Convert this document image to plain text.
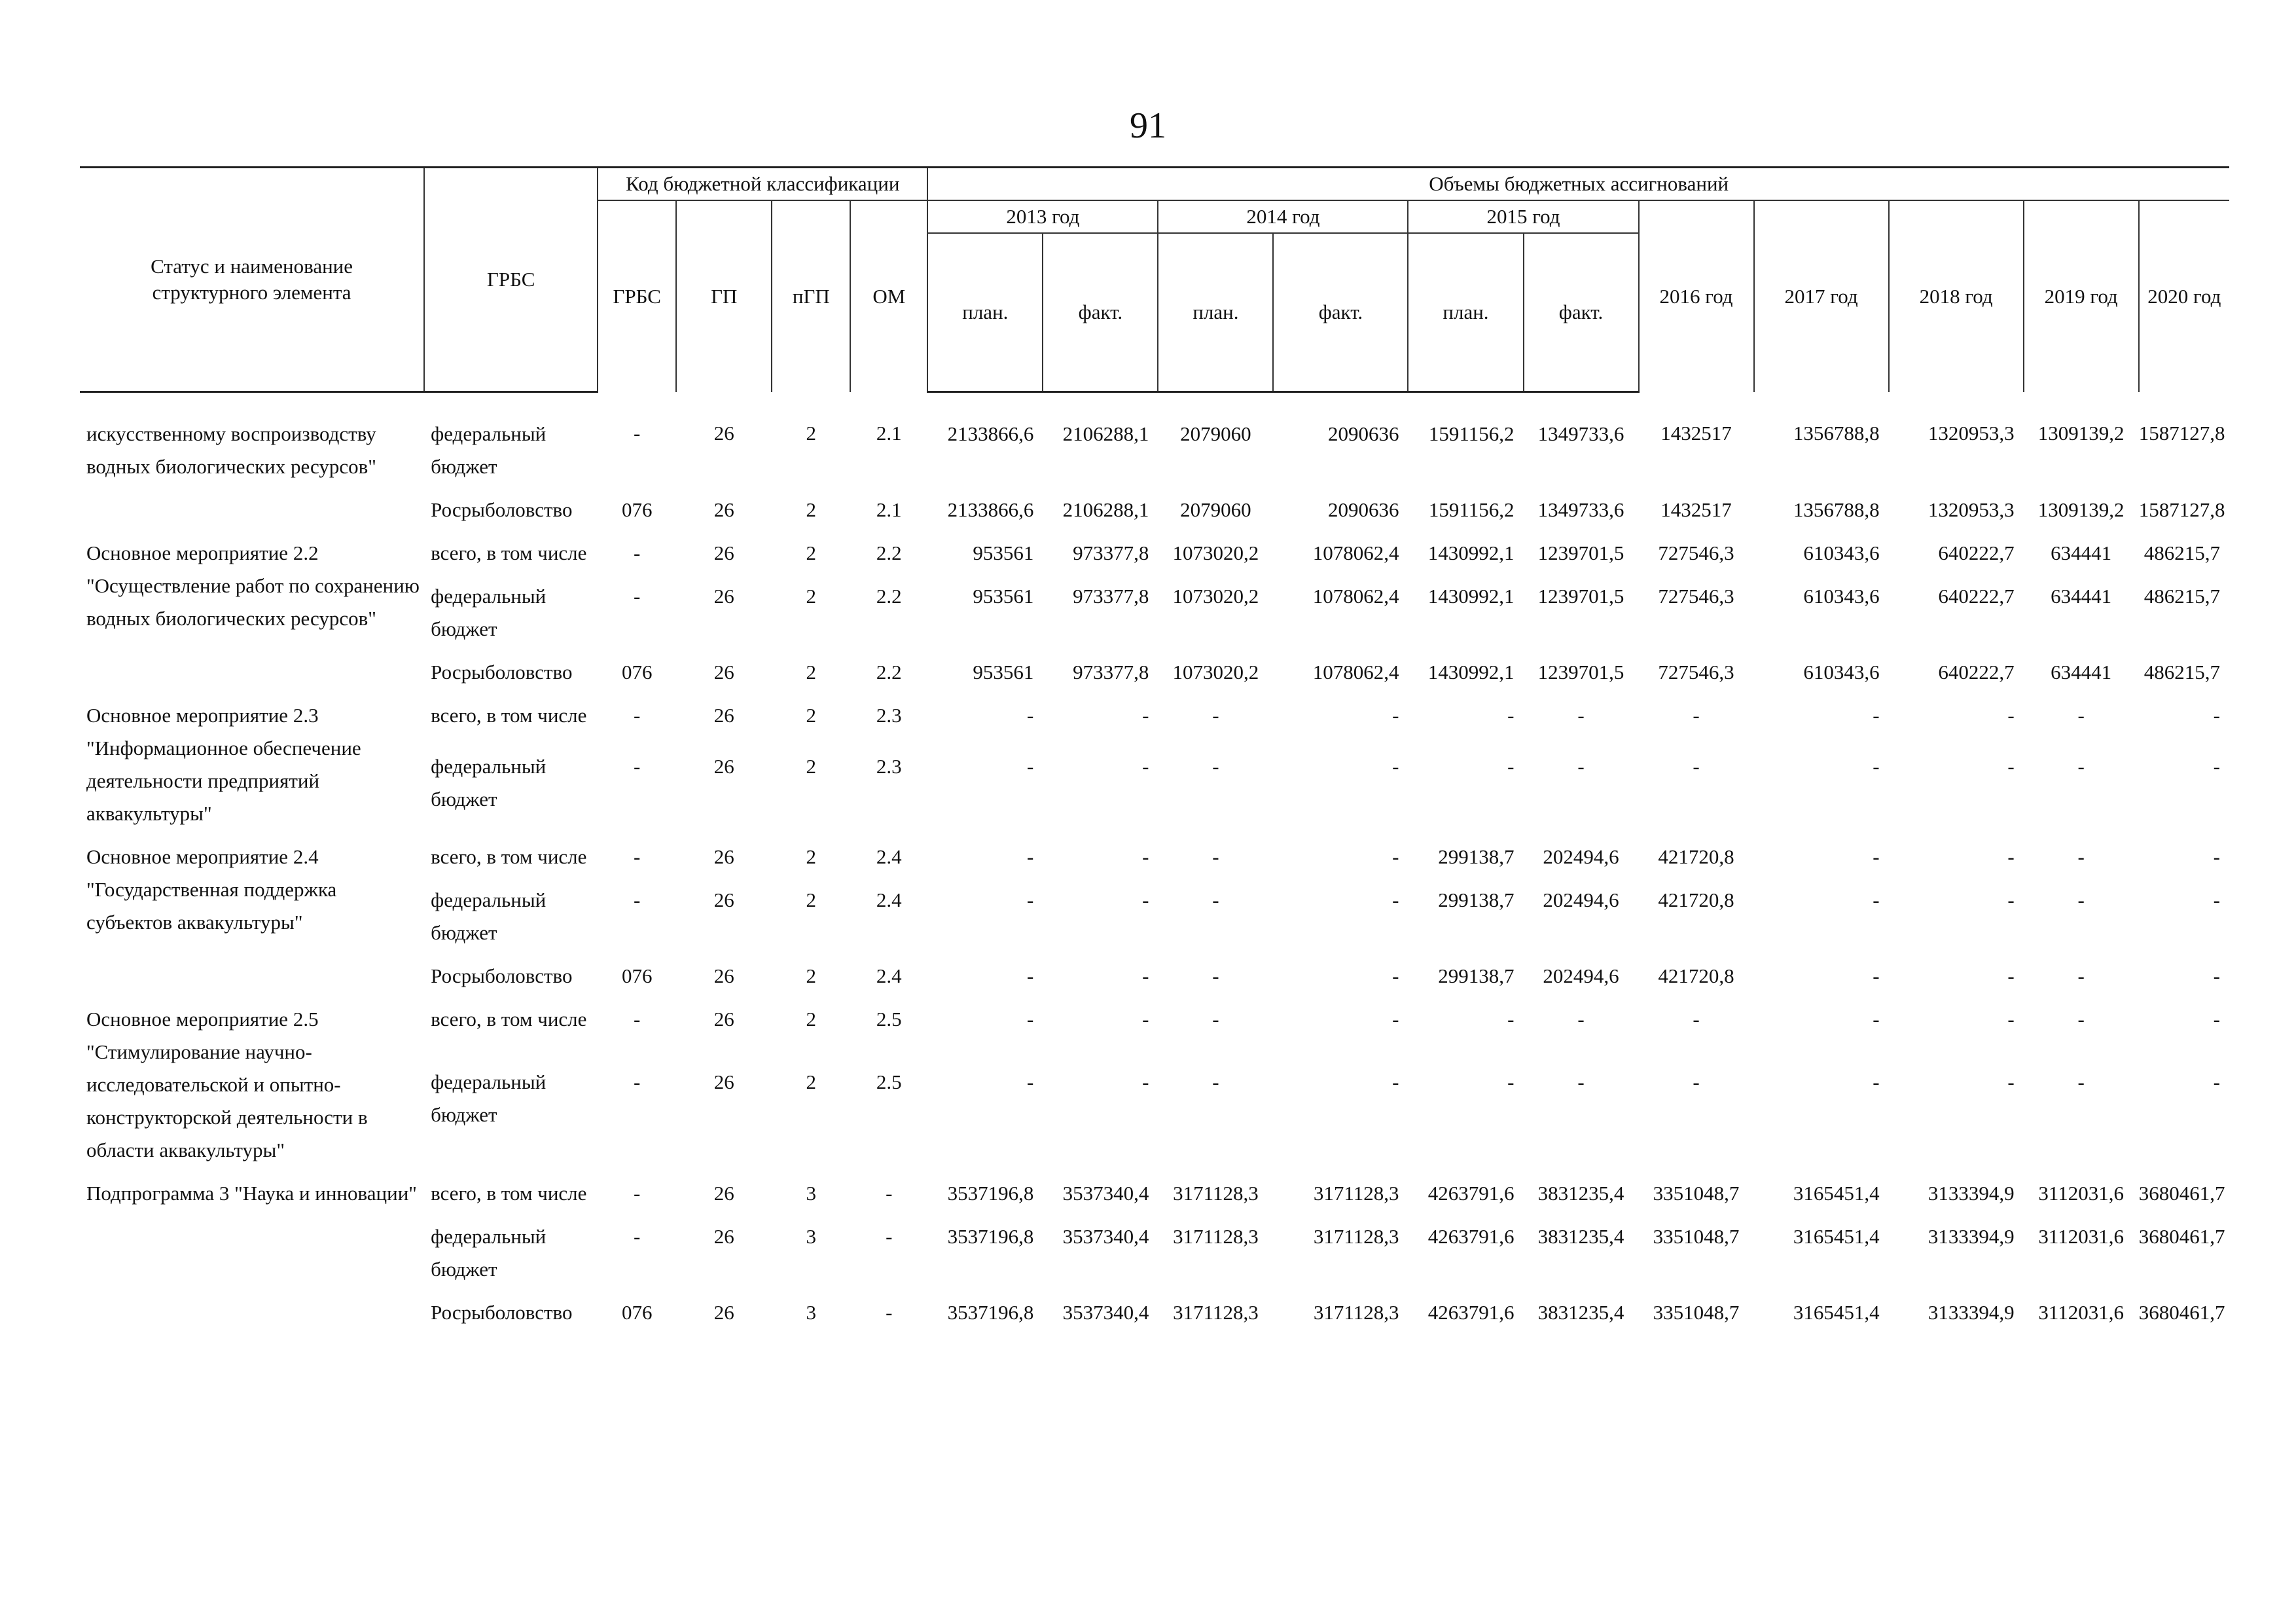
91
Статус и наименование структурного элемента	ГРБС	Код бюджетной классификации				Объемы бюджетных ассигнований										
		ГРБС	ГП	пГП	ОМ	2013 год		2014 год		2015 год		2016 год	2017 год	2018 год	2019 год	2020 год
						план.	факт.	план.	факт.	план.	факт.					
искусственному воспроизводству водных биологических ресурсов"	федеральный бюджет	-	26	2	2.1	2133866,6	2106288,1	2079060	2090636	1591156,2	1349733,6	1432517	1356788,8	1320953,3	1309139,2	1587127,8
	Росрыболовство	076	26	2	2.1	2133866,6	2106288,1	2079060	2090636	1591156,2	1349733,6	1432517	1356788,8	1320953,3	1309139,2	1587127,8
Основное мероприятие 2.2 "Осуществление работ по сохранению водных биологических ресурсов"	всего, в том числе	-	26	2	2.2	953561	973377,8	1073020,2	1078062,4	1430992,1	1239701,5	727546,3	610343,6	640222,7	634441	486215,7
	федеральный бюджет	-	26	2	2.2	953561	973377,8	1073020,2	1078062,4	1430992,1	1239701,5	727546,3	610343,6	640222,7	634441	486215,7
	Росрыболовство	076	26	2	2.2	953561	973377,8	1073020,2	1078062,4	1430992,1	1239701,5	727546,3	610343,6	640222,7	634441	486215,7
Основное мероприятие 2.3 "Информационное обеспечение деятельности предприятий аквакультуры"	всего, в том числе	-	26	2	2.3	-	-	-	-	-	-	-	-	-	-	-
	федеральный бюджет	-	26	2	2.3	-	-	-	-	-	-	-	-	-	-	-
Основное мероприятие 2.4 "Государственная поддержка субъектов аквакультуры"	всего, в том числе	-	26	2	2.4	-	-	-	-	299138,7	202494,6	421720,8	-	-	-	-
	федеральный бюджет	-	26	2	2.4	-	-	-	-	299138,7	202494,6	421720,8	-	-	-	-
	Росрыболовство	076	26	2	2.4	-	-	-	-	299138,7	202494,6	421720,8	-	-	-	-
Основное мероприятие 2.5 "Стимулирование научно-исследовательской и опытно-конструкторской деятельности в области аквакультуры"	всего, в том числе	-	26	2	2.5	-	-	-	-	-	-	-	-	-	-	-
	федеральный бюджет	-	26	2	2.5	-	-	-	-	-	-	-	-	-	-	-
Подпрограмма 3 "Наука и инновации"	всего, в том числе	-	26	3	-	3537196,8	3537340,4	3171128,3	3171128,3	4263791,6	3831235,4	3351048,7	3165451,4	3133394,9	3112031,6	3680461,7
	федеральный бюджет	-	26	3	-	3537196,8	3537340,4	3171128,3	3171128,3	4263791,6	3831235,4	3351048,7	3165451,4	3133394,9	3112031,6	3680461,7
	Росрыболовство	076	26	3	-	3537196,8	3537340,4	3171128,3	3171128,3	4263791,6	3831235,4	3351048,7	3165451,4	3133394,9	3112031,6	3680461,7
